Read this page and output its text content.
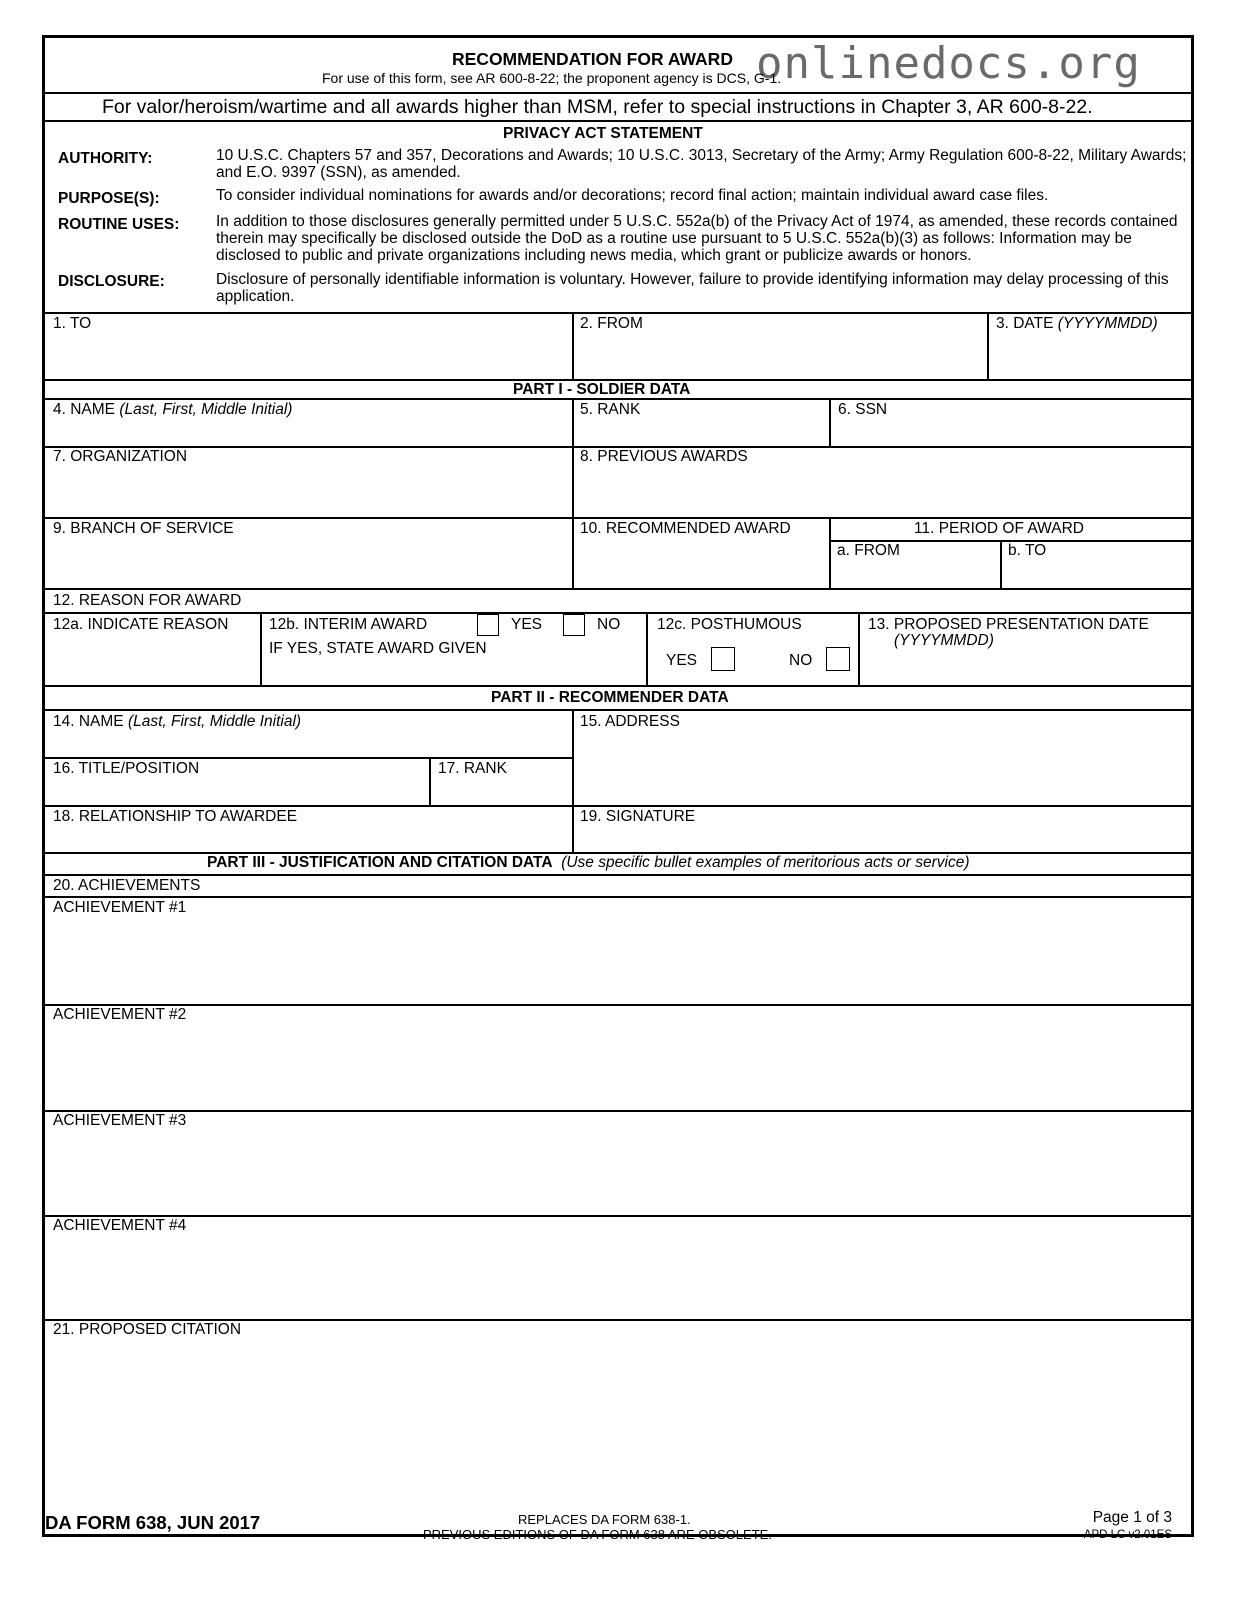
onlinedocs.org
RECOMMENDATION FOR AWARD
For use of this form, see AR 600-8-22; the proponent agency is DCS, G-1.
For valor/heroism/wartime and all awards higher than MSM, refer to special instructions in Chapter 3, AR 600-8-22.
PRIVACY ACT STATEMENT
AUTHORITY:	10 U.S.C. Chapters 57 and 357, Decorations and Awards; 10 U.S.C. 3013, Secretary of the Army; Army Regulation 600-8-22, Military Awards; and E.O. 9397 (SSN), as amended.
PURPOSE(S):	To consider individual nominations for awards and/or decorations; record final action; maintain individual award case files.
ROUTINE USES: In addition to those disclosures generally permitted under 5 U.S.C. 552a(b) of the Privacy Act of 1974, as amended, these records contained therein may specifically be disclosed outside the DoD as a routine use pursuant to 5 U.S.C. 552a(b)(3) as follows: Information may be disclosed to public and private organizations including news media, which grant or publicize awards or honors.
DISCLOSURE:	Disclosure of personally identifiable information is voluntary. However, failure to provide identifying information may delay processing of this application.
1. TO	2. FROM	3. DATE (YYYYMMDD)
PART I - SOLDIER DATA
4. NAME (Last, First, Middle Initial)	5. RANK	6. SSN
7. ORGANIZATION	8. PREVIOUS AWARDS
9. BRANCH OF SERVICE	10. RECOMMENDED AWARD	11. PERIOD OF AWARD
a. FROM	b. TO
12. REASON FOR AWARD
12a. INDICATE REASON	12b. INTERIM AWARD	YES	NO
IF YES, STATE AWARD GIVEN
12c. POSTHUMOUS
YES	NO
13. PROPOSED PRESENTATION DATE
(YYYYMMDD)
PART II - RECOMMENDER DATA
14. NAME (Last, First, Middle Initial)	15. ADDRESS
16. TITLE/POSITION	17. RANK
18. RELATIONSHIP TO AWARDEE	19. SIGNATURE
PART III - JUSTIFICATION AND CITATION DATA (Use specific bullet examples of meritorious acts or service)
20. ACHIEVEMENTS
ACHIEVEMENT #1
ACHIEVEMENT #2
ACHIEVEMENT #3
ACHIEVEMENT #4
21. PROPOSED CITATION
DA FORM 638, JUN 2017	REPLACES DA FORM 638-1.
PREVIOUS EDITIONS OF DA FORM 638 ARE OBSOLETE.
Page 1 of 3
APD LC v2.01ES
